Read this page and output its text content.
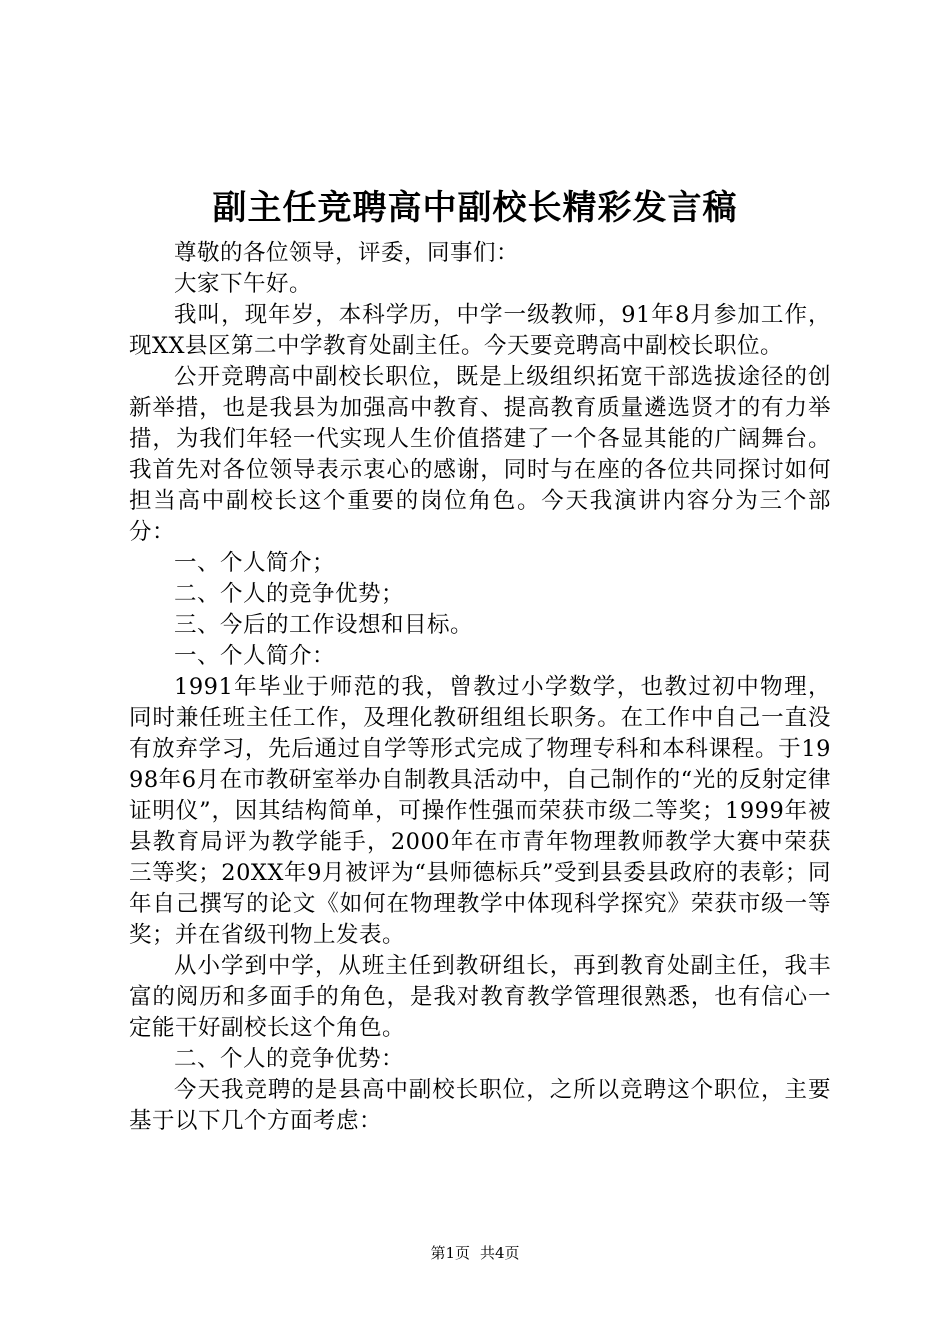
副主任竞聘高中副校长精彩发言稿

尊敬的各位领导，评委，同事们：

大家下午好。

我叫，现年岁，本科学历，中学一级教师，91年8月参加工作，现XX县区第二中学教育处副主任。今天要竞聘高中副校长职位。

公开竞聘高中副校长职位，既是上级组织拓宽干部选拔途径的创新举措，也是我县为加强高中教育、提高教育质量遴选贤才的有力举措，为我们年轻一代实现人生价值搭建了一个各显其能的广阔舞台。我首先对各位领导表示衷心的感谢，同时与在座的各位共同探讨如何担当高中副校长这个重要的岗位角色。今天我演讲内容分为三个部分：

一、个人简介；

二、个人的竞争优势；

三、今后的工作设想和目标。

一、个人简介：

1991年毕业于师范的我，曾教过小学数学，也教过初中物理，同时兼任班主任工作，及理化教研组组长职务。在工作中自己一直没有放弃学习，先后通过自学等形式完成了物理专科和本科课程。于1998年6月在市教研室举办自制教具活动中，自己制作的“光的反射定律证明仪”，因其结构简单，可操作性强而荣获市级二等奖；1999年被县教育局评为教学能手，2000年在市青年物理教师教学大赛中荣获三等奖；20XX年9月被评为“县师德标兵”受到县委县政府的表彰；同年自己撰写的论文《如何在物理教学中体现科学探究》荣获市级一等奖；并在省级刊物上发表。

从小学到中学，从班主任到教研组长，再到教育处副主任，我丰富的阅历和多面手的角色，是我对教育教学管理很熟悉，也有信心一定能干好副校长这个角色。

二、个人的竞争优势：

今天我竞聘的是县高中副校长职位，之所以竞聘这个职位，主要基于以下几个方面考虑：

第1页 共4页
